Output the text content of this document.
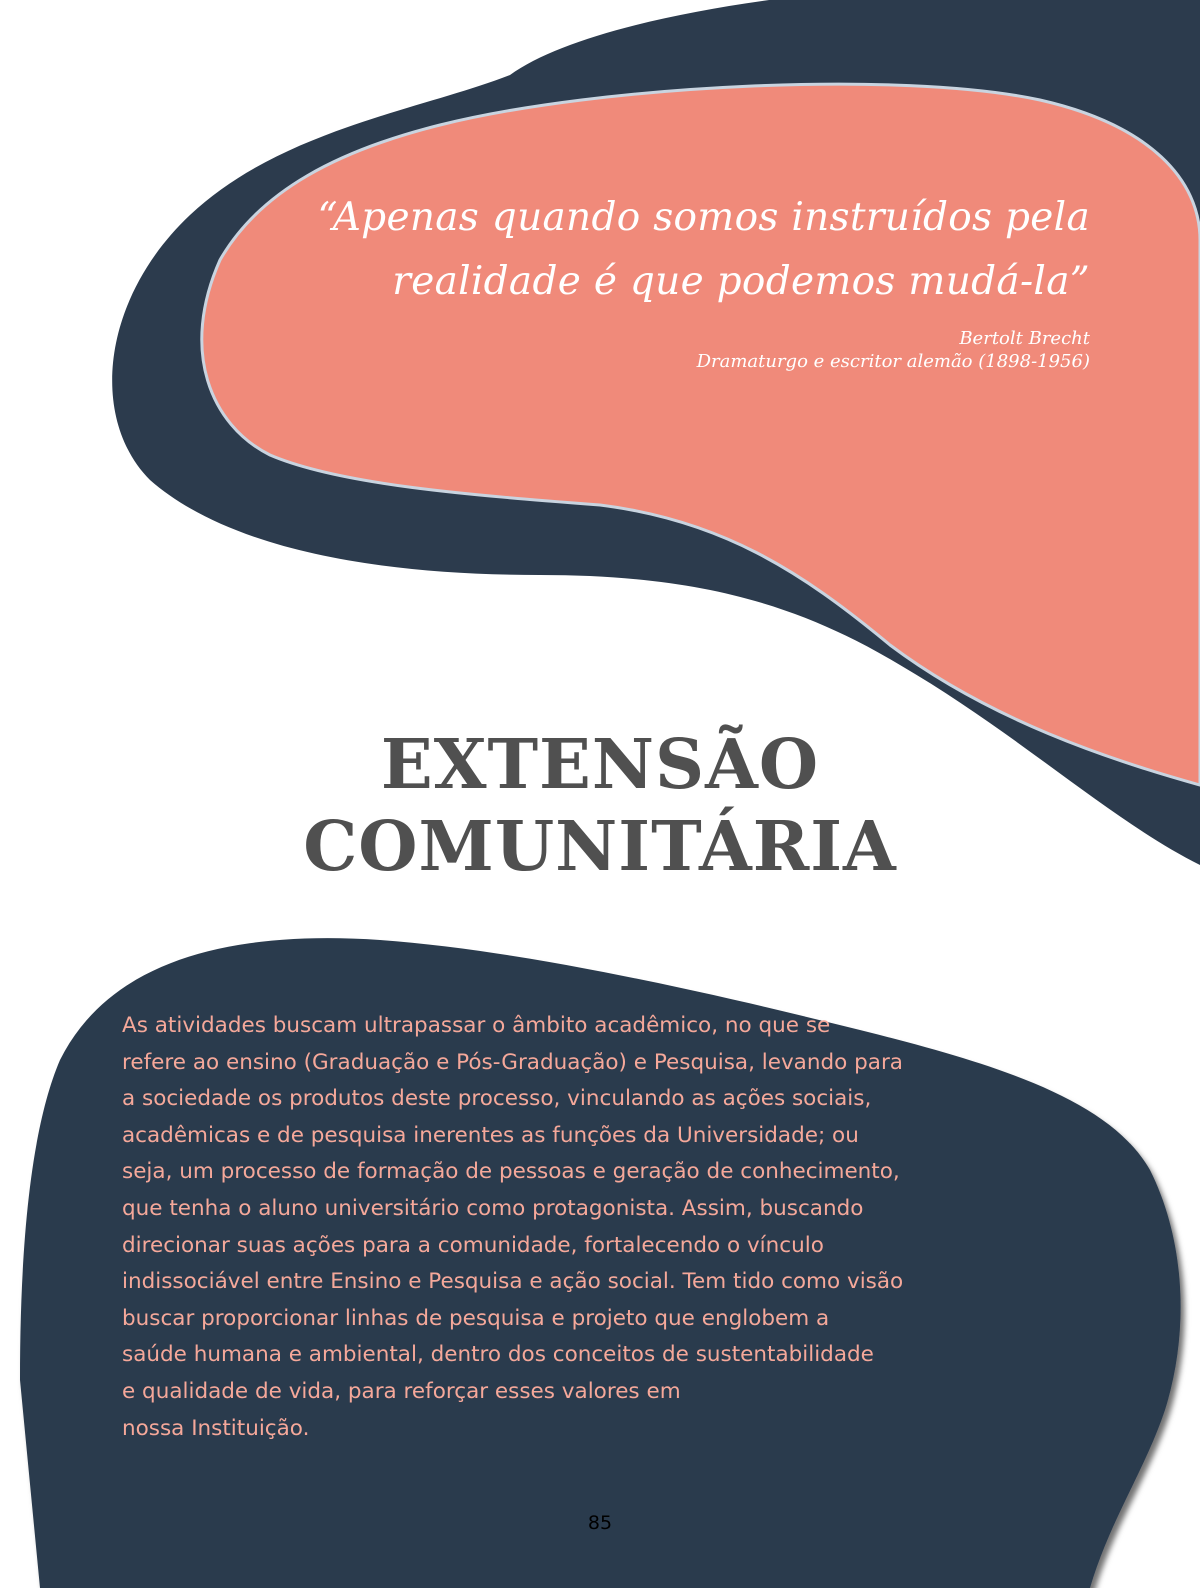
“Apenas quando somos instruídos pela
realidade é que podemos mudá-la”

Bertolt Brecht

Dramaturgo e escritor alemão (1898-1956)

EXTENSÃO
COMUNITÁRIA

As atividades buscam ultrapassar o âmbito acadêmico, no que se
refere ao ensino (Graduação e Pós-Graduação) e Pesquisa, levando para
a sociedade os produtos deste processo, vinculando as ações sociais,
acadêmicas e de pesquisa inerentes as funções da Universidade; ou
seja, um processo de formação de pessoas e geração de conhecimento,
que tenha o aluno universitário como protagonista. Assim, buscando
direcionar suas ações para a comunidade, fortalecendo o vínculo
indissociável entre Ensino e Pesquisa e ação social. Tem tido como visão
buscar proporcionar linhas de pesquisa e projeto que englobem a
saúde humana e ambiental, dentro dos conceitos de sustentabilidade
e qualidade de vida, para reforçar esses valores em
nossa Instituição.

85
